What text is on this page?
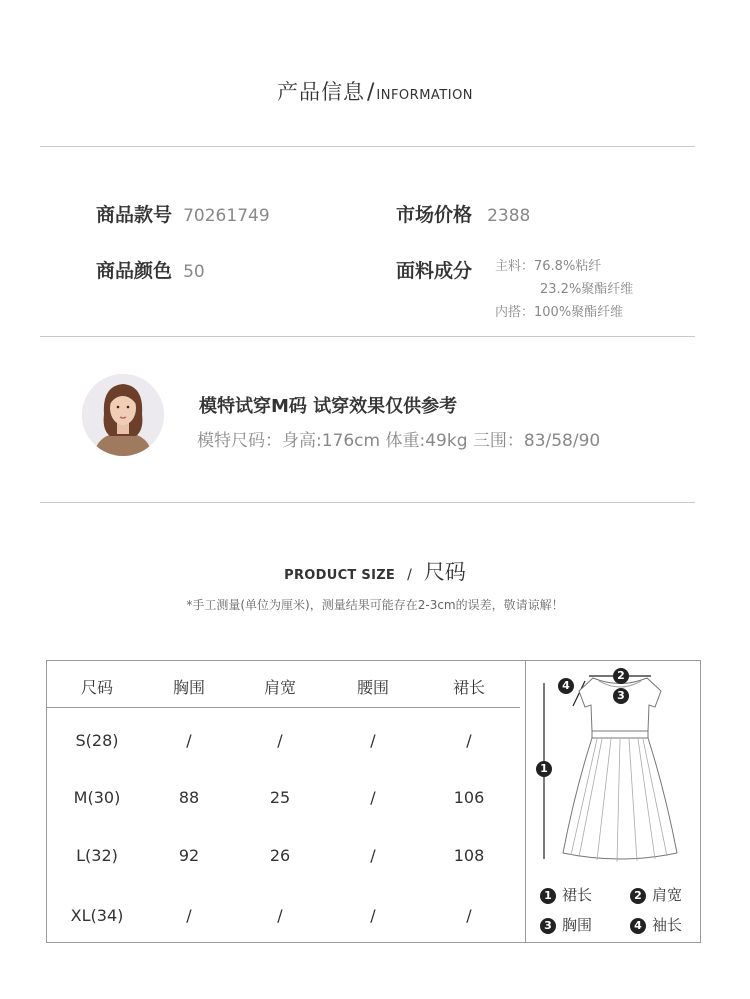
产品信息/ INFORMATION
商品款号 70261749	市场价格 2388
商品颜色 50	面料成分 主料：76.8%粘纤
23.2%聚酯纤维
内搭：100%聚酯纤维
模特试穿M码 试穿效果仅供参考
模特尺码：身高:176cm 体重:49kg 三围：83/58/90
PRODUCT SIZE / 尺码
*手工测量(单位为厘米)，测量结果可能存在2-3cm的误差，敬请谅解！
尺码	胸围	肩宽	腰围	裙长
S(28)	/	/	/	/
M(30)	88	25	/	106
L(32)	92	26	/	108
XL(34)	/	/	/	/
1
2
3
4
1 裙长	2 肩宽
3 胸围	4 袖长
